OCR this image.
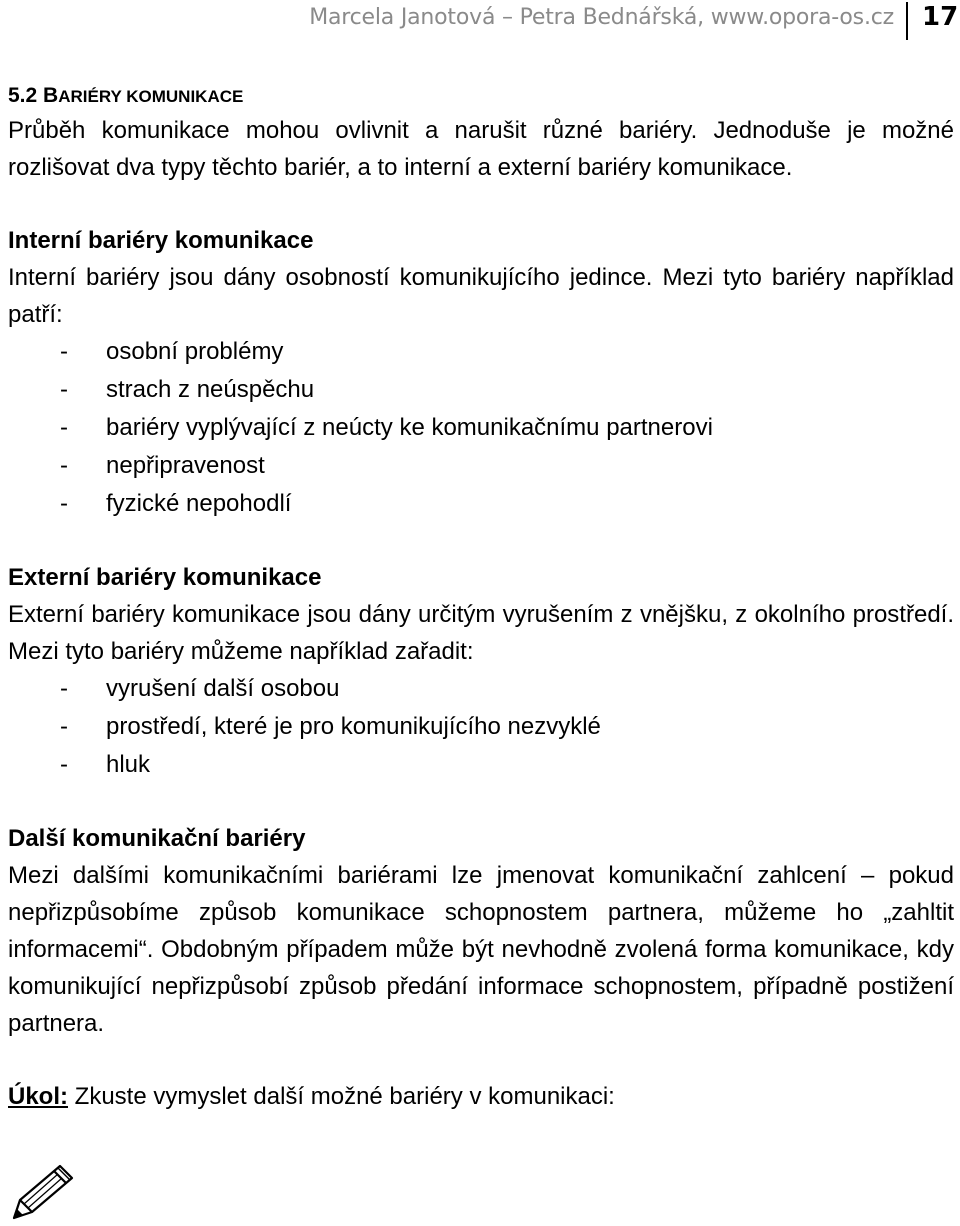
Marcela Janotová – Petra Bednářská, www.opora-os.cz 17

5.2 BARIÉRY KOMUNIKACE

Průběh komunikace mohou ovlivnit a narušit různé bariéry. Jednoduše je možné rozlišovat dva typy těchto bariér, a to interní a externí bariéry komunikace.

Interní bariéry komunikace

Interní bariéry jsou dány osobností komunikujícího jedince. Mezi tyto bariéry například patří:

- osobní problémy
- strach z neúspěchu
- bariéry vyplývající z neúcty ke komunikačnímu partnerovi
- nepřipravenost
- fyzické nepohodlí

Externí bariéry komunikace

Externí bariéry komunikace jsou dány určitým vyrušením z vnějšku, z okolního prostředí. Mezi tyto bariéry můžeme například zařadit:

- vyrušení další osobou
- prostředí, které je pro komunikujícího nezvyklé
- hluk

Další komunikační bariéry

Mezi dalšími komunikačními bariérami lze jmenovat komunikační zahlcení – pokud nepřizpůsobíme způsob komunikace schopnostem partnera, můžeme ho „zahltit informacemi“. Obdobným případem může být nevhodně zvolená forma komunikace, kdy komunikující nepřizpůsobí způsob předání informace schopnostem, případně postižení partnera.

Úkol: Zkuste vymyslet další možné bariéry v komunikaci:
